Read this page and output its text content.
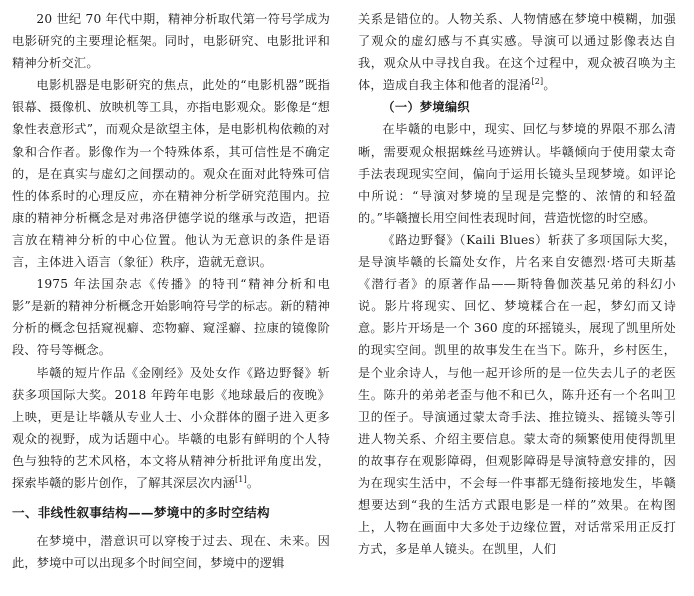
20 世纪 70 年代中期，精神分析取代第一符号学成为电影研究的主要理论框架。同时，电影研究、电影批评和精神分析交汇。

电影机器是电影研究的焦点，此处的“电影机器”既指银幕、摄像机、放映机等工具，亦指电影观众。影像是“想象性表意形式”，而观众是欲望主体，是电影机构依赖的对象和合作者。影像作为一个特殊体系，其可信性是不确定的，是在真实与虚幻之间摆动的。观众在面对此特殊可信性的体系时的心理反应，亦在精神分析学研究范围内。拉康的精神分析概念是对弗洛伊德学说的继承与改造，把语言放在精神分析的中心位置。他认为无意识的条件是语言，主体进入语言（象征）秩序，造就无意识。

1975 年法国杂志《传播》的特刊“精神分析和电影”是新的精神分析概念开始影响符号学的标志。新的精神分析的概念包括窥视癖、恋物癖、窥淫癖、拉康的镜像阶段、符号等概念。

毕赣的短片作品《金刚经》及处女作《路边野餐》斩获多项国际大奖。2018 年跨年电影《地球最后的夜晚》上映，更是让毕赣从专业人士、小众群体的圈子进入更多观众的视野，成为话题中心。毕赣的电影有鲜明的个人特色与独特的艺术风格，本文将从精神分析批评角度出发，探索毕赣的影片创作，了解其深层次内涵[1]。

一、非线性叙事结构——梦境中的多时空结构

在梦境中，潜意识可以穿梭于过去、现在、未来。因此，梦境中可以出现多个时间空间，梦境中的逻辑

关系是错位的。人物关系、人物情感在梦境中模糊，加强了观众的虚幻感与不真实感。导演可以通过影像表达自我，观众从中寻找自我。在这个过程中，观众被召唤为主体，造成自我主体和他者的混淆[2]。

（一）梦境编织

在毕赣的电影中，现实、回忆与梦境的界限不那么清晰，需要观众根据蛛丝马迹辨认。毕赣倾向于使用蒙太奇手法表现现实空间，偏向于运用长镜头呈现梦境。如评论中所说：“导演对梦境的呈现是完整的、浓情的和轻盈的。”毕赣擅长用空间性表现时间，营造恍惚的时空感。

《路边野餐》（Kaili Blues）斩获了多项国际大奖，是导演毕赣的长篇处女作，片名来自安德烈·塔可夫斯基《潜行者》的原著作品——斯特鲁伽茨基兄弟的科幻小说。影片将现实、回忆、梦境糅合在一起，梦幻而又诗意。影片开场是一个 360 度的环摇镜头，展现了凯里所处的现实空间。凯里的故事发生在当下。陈升，乡村医生，是个业余诗人，与他一起开诊所的是一位失去儿子的老医生。陈升的弟弟老歪与他不和已久，陈升还有一个名叫卫卫的侄子。导演通过蒙太奇手法、推拉镜头、摇镜头等引进人物关系、介绍主要信息。蒙太奇的频繁使用使得凯里的故事存在观影障碍，但观影障碍是导演特意安排的，因为在现实生活中，不会每一件事都无缝衔接地发生，毕赣想要达到“我的生活方式跟电影是一样的”效果。在构图上，人物在画面中大多处于边缘位置，对话常采用正反打方式，多是单人镜头。在凯里，人们
